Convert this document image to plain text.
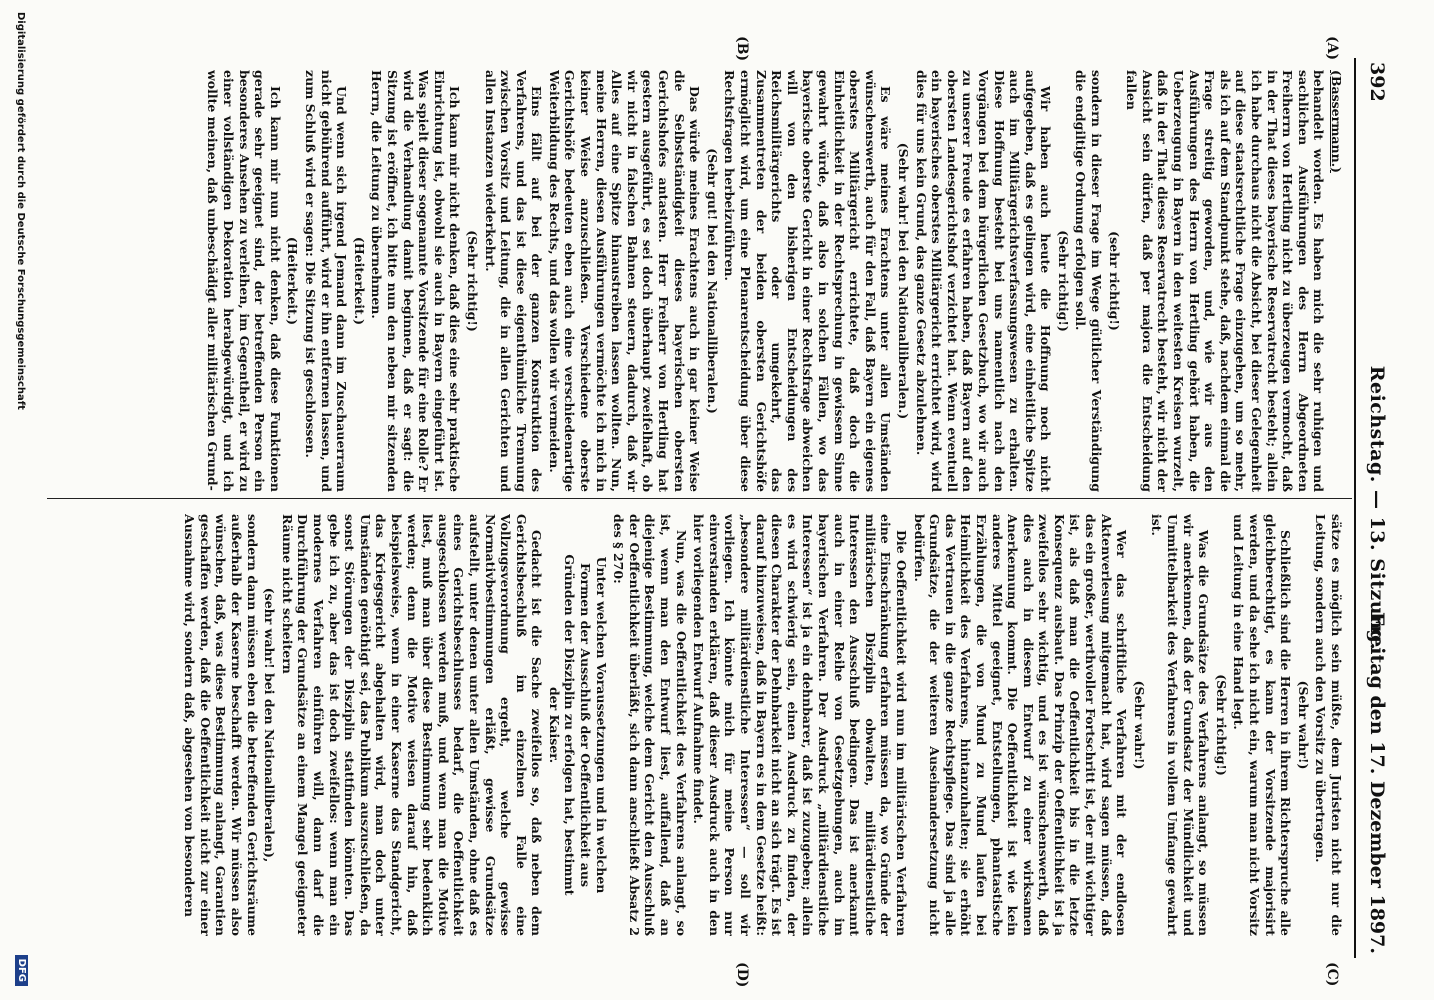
392
Reichstag. — 13. Sitzung.
Freitag den 17. Dezember 1897.
(A)
(B)
(C)
(D)

(Bassermann.)

behandelt worden. Es haben mich die sehr ruhigen und sachlichen Ausführungen des Herrn Abgeordneten Freiherrn von Hertling nicht zu überzeugen vermocht, daß in der That dieses bayerische Reservatrecht besteht; allein ich habe durchaus nicht die Absicht, bei dieser Gelegenheit auf diese staatsrechtliche Frage einzugehen, um so mehr, als ich auf dem Standpunkt stehe, daß, nachdem einmal die Frage streitig geworden, und, wie wir aus den Ausführungen des Herrn von Hertling gehört haben, die Ueberzeugung in Bayern in den weitesten Kreisen wurzelt, daß in der That dieses Reservatrecht besteht, wir nicht der Ansicht sein dürfen, daß per majora die Entscheidung fallen

(sehr richtig!)

sondern in dieser Frage im Wege gütlicher Verständigung die endgiltige Ordnung erfolgen soll.

(Sehr richtig!)

Wir haben auch heute die Hoffnung noch nicht aufgegeben, daß es gelingen wird, eine einheitliche Spitze auch im Militärgerichtsverfassungswesen zu erhalten. Diese Hoffnung besteht bei uns namentlich nach den Vorgängen bei dem bürgerlichen Gesetzbuch, wo wir auch zu unserer Freude es erfahren haben, daß Bayern auf den obersten Landesgerichtshof verzichtet hat. Wenn eventuell ein bayerisches oberstes Militärgericht errichtet wird, wird dies für uns kein Grund, das ganze Gesetz abzulehnen.

(Sehr wahr! bei den Nationalliberalen.)

Es wäre meines Erachtens unter allen Umständen wünschenswerth, auch für den Fall, daß Bayern ein eigenes oberstes Militärgericht errichtete, daß doch die Einheitlichkeit in der Rechtsprechung in gewissem Sinne gewahrt würde, daß also in solchen Fällen, wo das bayerische oberste Gericht in einer Rechtsfrage abweichen will von den bisherigen Entscheidungen des Reichsmilitärgerichts oder umgekehrt, das Zusammentreten der beiden obersten Gerichtshöfe ermöglicht wird, um eine Plenarentscheidung über diese Rechtsfragen herbeizuführen.

(Sehr gut! bei den Nationalliberalen.)

Das würde meines Erachtens auch in gar keiner Weise die Selbstständigkeit dieses bayerischen obersten Gerichtshofes antasten. Herr Freiherr von Hertling hat gestern ausgeführt, es sei doch überhaupt zweifelhaft, ob wir nicht in falschen Bahnen steuern, dadurch, daß wir Alles auf eine Spitze hinaustreiben lassen wollten. Nun, meine Herren, diesen Ausführungen vermöchte ich mich in keiner Weise anzuschließen. Verschiedene oberste Gerichtshöfe bedeuten eben auch eine verschiedenartige Weiterbildung des Rechts, und das wollen wir vermeiden.

Eins fällt auf bei der ganzen Konstruktion des Verfahrens, und das ist diese eigenthümliche Trennung zwischen Vorsitz und Leitung, die in allen Gerichten und allen Instanzen wiederkehrt.

(Sehr richtig!)

Ich kann mir nicht denken, daß dies eine sehr praktische Einrichtung ist, obwohl sie auch in Bayern eingeführt ist. Was spielt dieser sogenannte Vorsitzende für eine Rolle? Er wird die Verhandlung damit beginnen, daß er sagt: die Sitzung ist eröffnet, ich bitte nun den neben mir sitzenden Herrn, die Leitung zu übernehmen.

(Heiterkeit.)

Und wenn sich irgend Jemand dann im Zuschauerraum nicht gebührend aufführt, wird er ihn entfernen lassen, und zum Schluß wird er sagen: Die Sitzung ist geschlossen.

(Heiterkeit.)

Ich kann mir nun nicht denken, daß diese Funktionen gerade sehr geeignet sind, der betreffenden Person ein besonderes Ansehen zu verleihen, im Gegentheil, er wird zu einer vollständigen Dekoration herabgewürdigt, und ich wollte meinen, daß unbeschädigt aller militärischen Grund-

sätze es möglich sein müßte, dem Juristen nicht nur die Leitung, sondern auch den Vorsitz zu übertragen.

(Sehr wahr!)

Schließlich sind die Herren in ihrem Richterspruche alle gleichberechtigt, es kann der Vorsitzende majorisirt werden, und da sehe ich nicht ein, warum man nicht Vorsitz und Leitung in eine Hand legt.

(Sehr richtig!)

Was die Grundsätze des Verfahrens anlangt, so müssen wir anerkennen, daß der Grundsatz der Mündlichkeit und Unmittelbarkeit des Verfahrens in vollem Umfange gewahrt ist.

(Sehr wahr!)

Wer das schriftliche Verfahren mit der endlosen Aktenverlesung mitgemacht hat, wird sagen müssen, daß das ein großer, werthvoller Fortschritt ist, der mit wichtiger ist, als daß man die Oeffentlichkeit bis in die letzte Konsequenz ausbaut. Das Prinzip der Oeffentlichkeit ist ja zweifellos sehr wichtig, und es ist wünschenswerth, daß dies auch in diesem Entwurf zu einer wirksamen Anerkennung kommt. Die Oeffentlichkeit ist wie kein anderes Mittel geeignet, Entstellungen, phantastische Erzählungen, die von Mund zu Mund laufen bei Heimlichkeit des Verfahrens, hintanzuhalten; sie erhöht das Vertrauen in die ganze Rechtspflege. Das sind ja alle Grundsätze, die der weiteren Auseinandersetzung nicht bedürfen.

Die Oeffentlichkeit wird nun im militärischen Verfahren eine Einschränkung erfahren müssen da, wo Gründe der militärischen Disziplin obwalten, militärdienstliche Interessen den Ausschluß bedingen. Das ist anerkannt auch in einer Reihe von Gesetzgebungen, auch im bayerischen Verfahren. Der Ausdruck „militärdienstliche Interessen“ ist ja ein dehnbarer, daß ist zuzugeben; allein es wird schwierig sein, einen Ausdruck zu finden, der diesen Charakter der Dehnbarkeit nicht an sich trägt. Es ist darauf hinzuweisen, daß in Bayern es in dem Gesetze heißt: „besondere militärdienstliche Interessen“ — soll wir vorliegen. Ich könnte mich für meine Person nur einverstanden erklären, daß dieser Ausdruck auch in den hier vorliegenden Entwurf Aufnahme findet.

Nun, was die Oeffentlichkeit des Verfahrens anlangt, so ist, wenn man den Entwurf liest, auffallend, daß an diejenige Bestimmung, welche dem Gericht den Ausschluß der Oeffentlichkeit überläßt, sich dann anschließt Absatz 2 des § 270:

Unter welchen Voraussetzungen und in welchen Formen der Ausschluß der Oeffentlichkeit aus Gründen der Disziplin zu erfolgen hat, bestimmt der Kaiser.

Gedacht ist die Sache zweifellos so, daß neben dem Gerichtsbeschluß im einzelnen Falle eine Vollzugsverordnung ergeht, welche gewisse Normativbestimmungen erläßt, gewisse Grundsätze aufstellt, unter denen unter allen Umständen, ohne daß es eines Gerichtsbeschlusses bedarf, die Oeffentlichkeit ausgeschlossen werden muß, und wenn man die Motive liest, muß man über diese Bestimmung sehr bedenklich werden; denn die Motive weisen darauf hin, daß beispielsweise, wenn in einer Kaserne das Standgericht, das Kriegsgericht abgehalten wird, man doch unter Umständen genöthigt sei, das Publikum auszuschließen, da sonst Störungen der Disziplin stattfinden könnten. Das gebe ich zu, aber das ist doch zweifellos: wenn man ein modernes Verfahren einführen will, dann darf die Durchführung der Grundsätze an einem Mangel geeigneter Räume nicht scheitern

(sehr wahr! bei den Nationalliberalen),

sondern dann müssen eben die betreffenden Gerichtsräume außerhalb der Kaserne beschafft werden. Wir müssen also wünschen, daß, was diese Bestimmung anlangt, Garantien geschaffen werden, daß die Oeffentlichkeit nicht zur einer Ausnahme wird, sondern daß, abgesehen von besonderen

Digitalisierung gefördert durch die Deutsche Forschungsgemeinschaft
DFG
